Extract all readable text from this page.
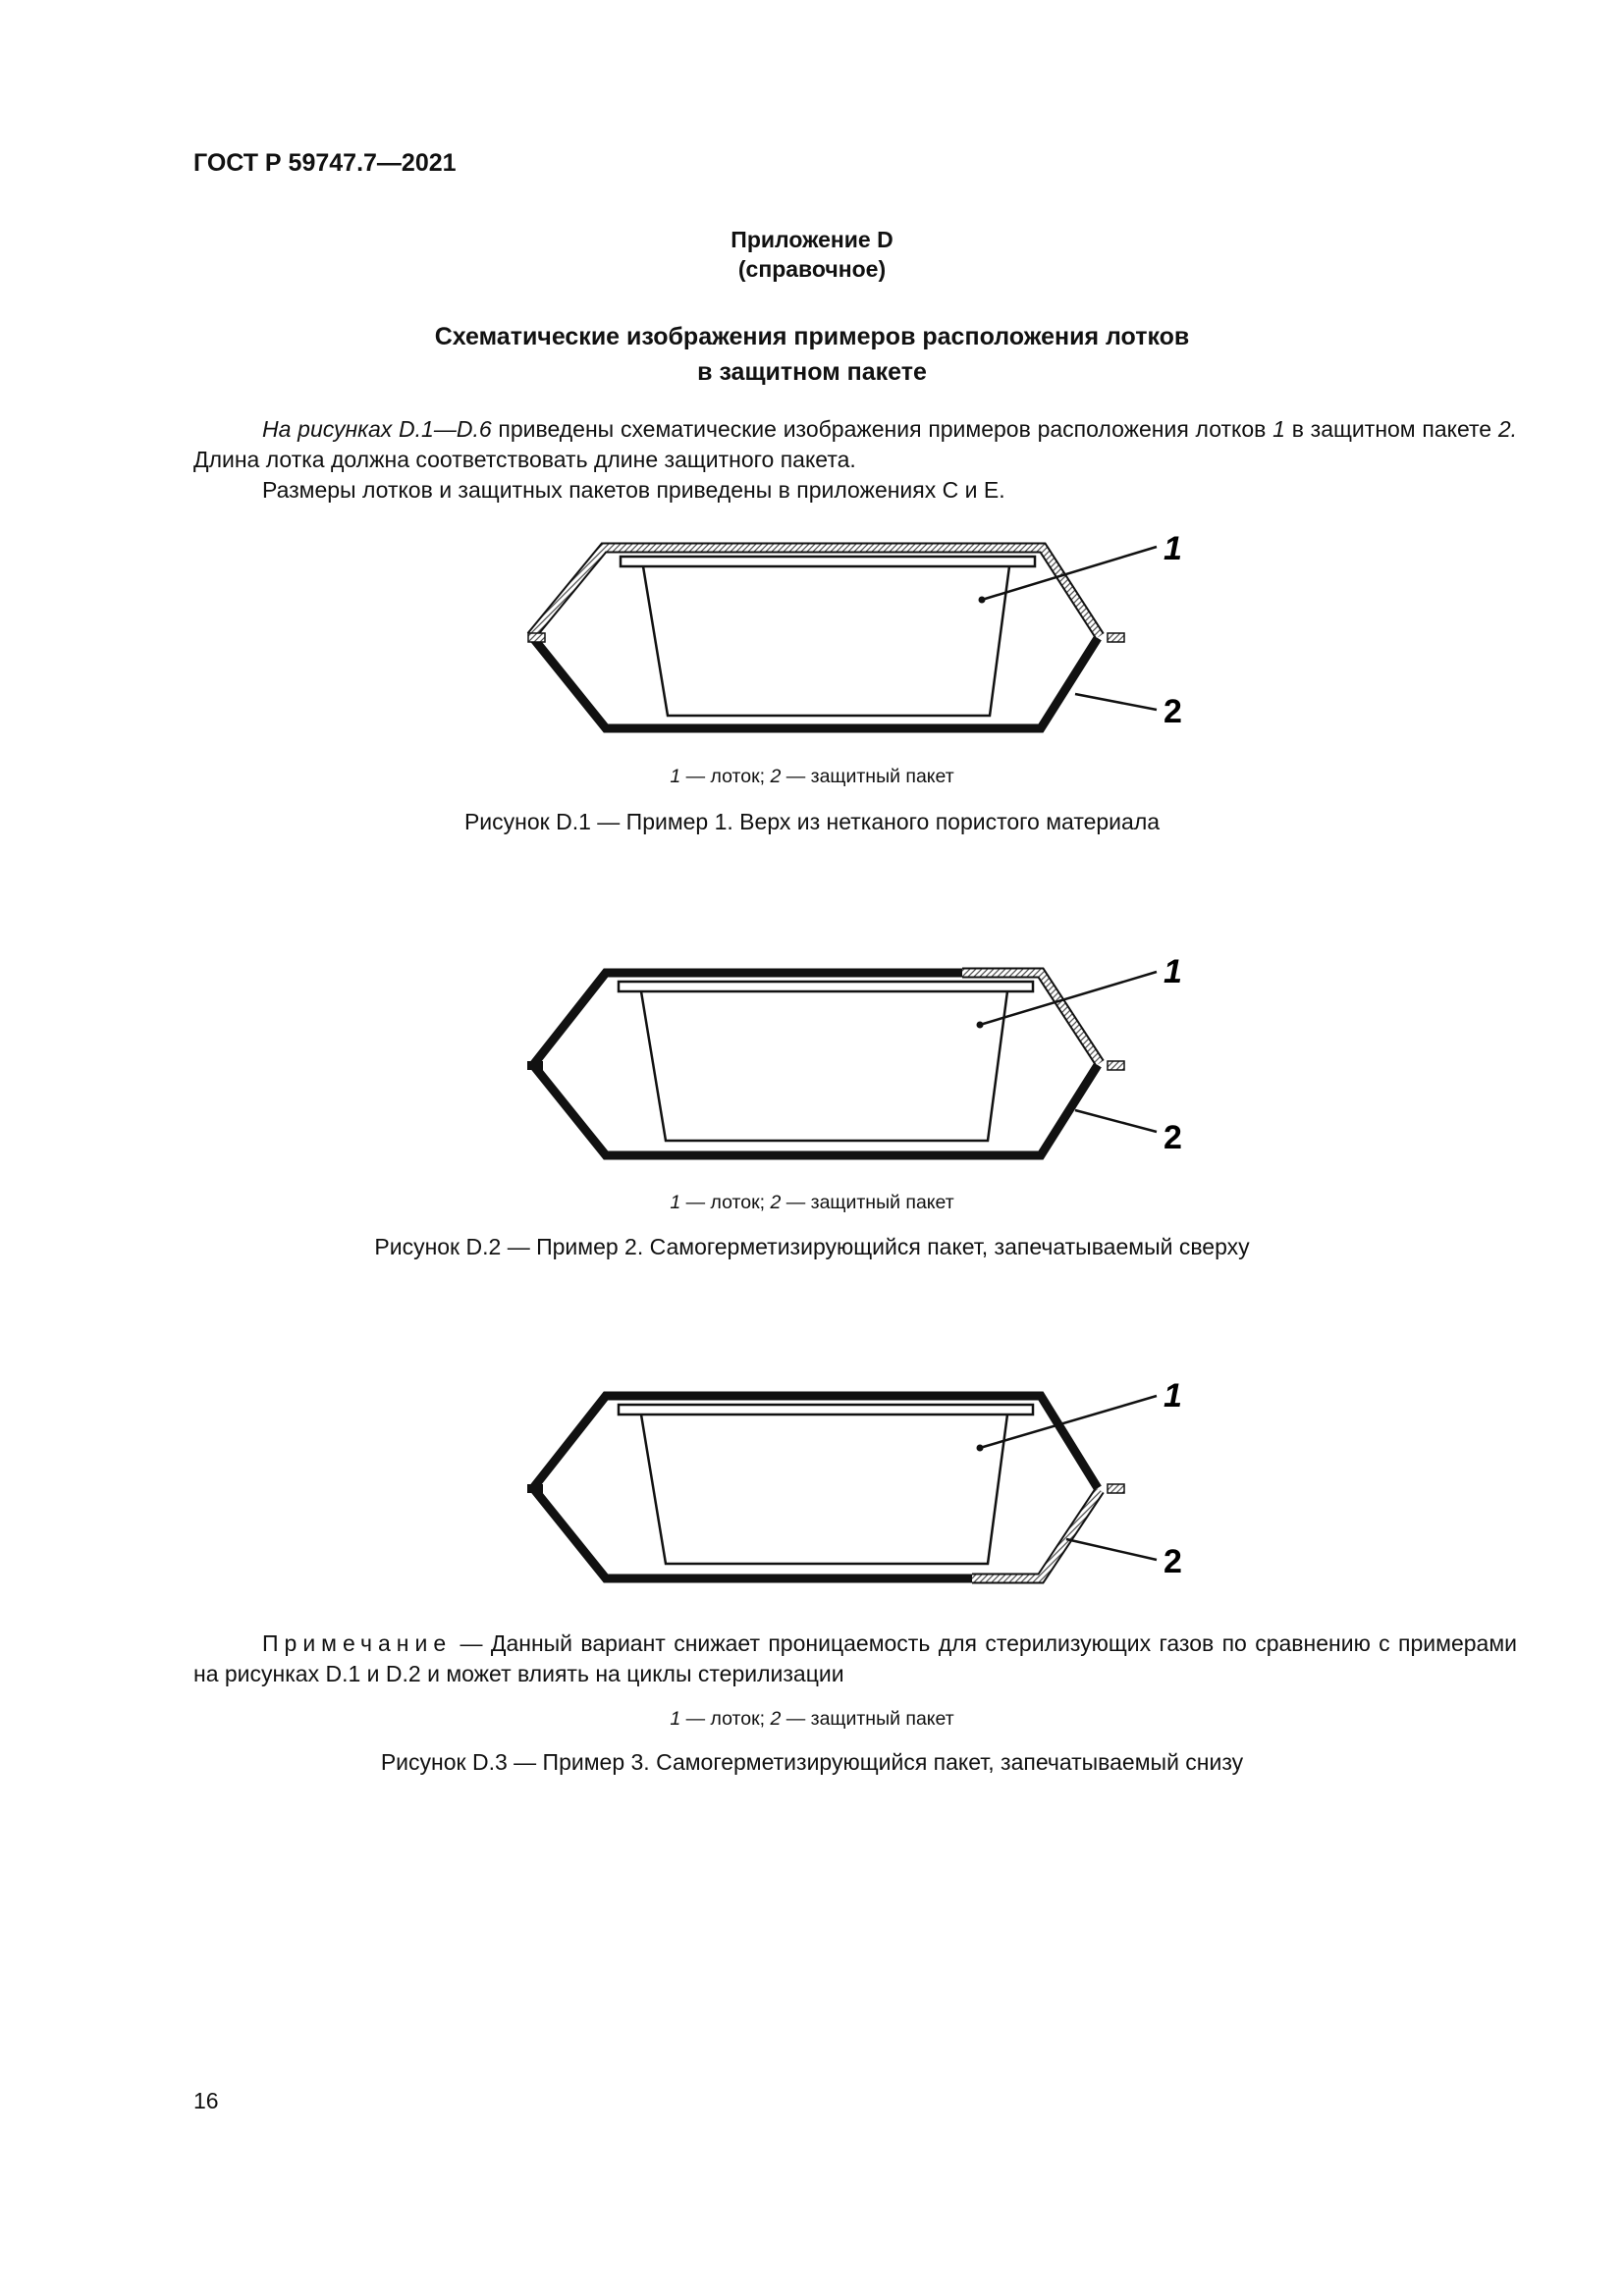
ГОСТ Р 59747.7—2021
Приложение D
(справочное)
Схематические изображения примеров расположения лотков
в защитном пакете
На рисунках D.1—D.6 приведены схематические изображения примеров расположения лотков 1 в защитном пакете 2. Длина лотка должна соответствовать длине защитного пакета.
Размеры лотков и защитных пакетов приведены в приложениях С и Е.
1
2
1 — лоток; 2 — защитный пакет
Рисунок D.1 — Пример 1. Верх из нетканого пористого материала
1
2
1 — лоток; 2 — защитный пакет
Рисунок D.2 — Пример 2. Самогерметизирующийся пакет, запечатываемый сверху
1
2
Примечание — Данный вариант снижает проницаемость для стерилизующих газов по сравнению с примерами на рисунках D.1 и D.2 и может влиять на циклы стерилизации
1 — лоток; 2 — защитный пакет
Рисунок D.3 — Пример 3. Самогерметизирующийся пакет, запечатываемый снизу
16
